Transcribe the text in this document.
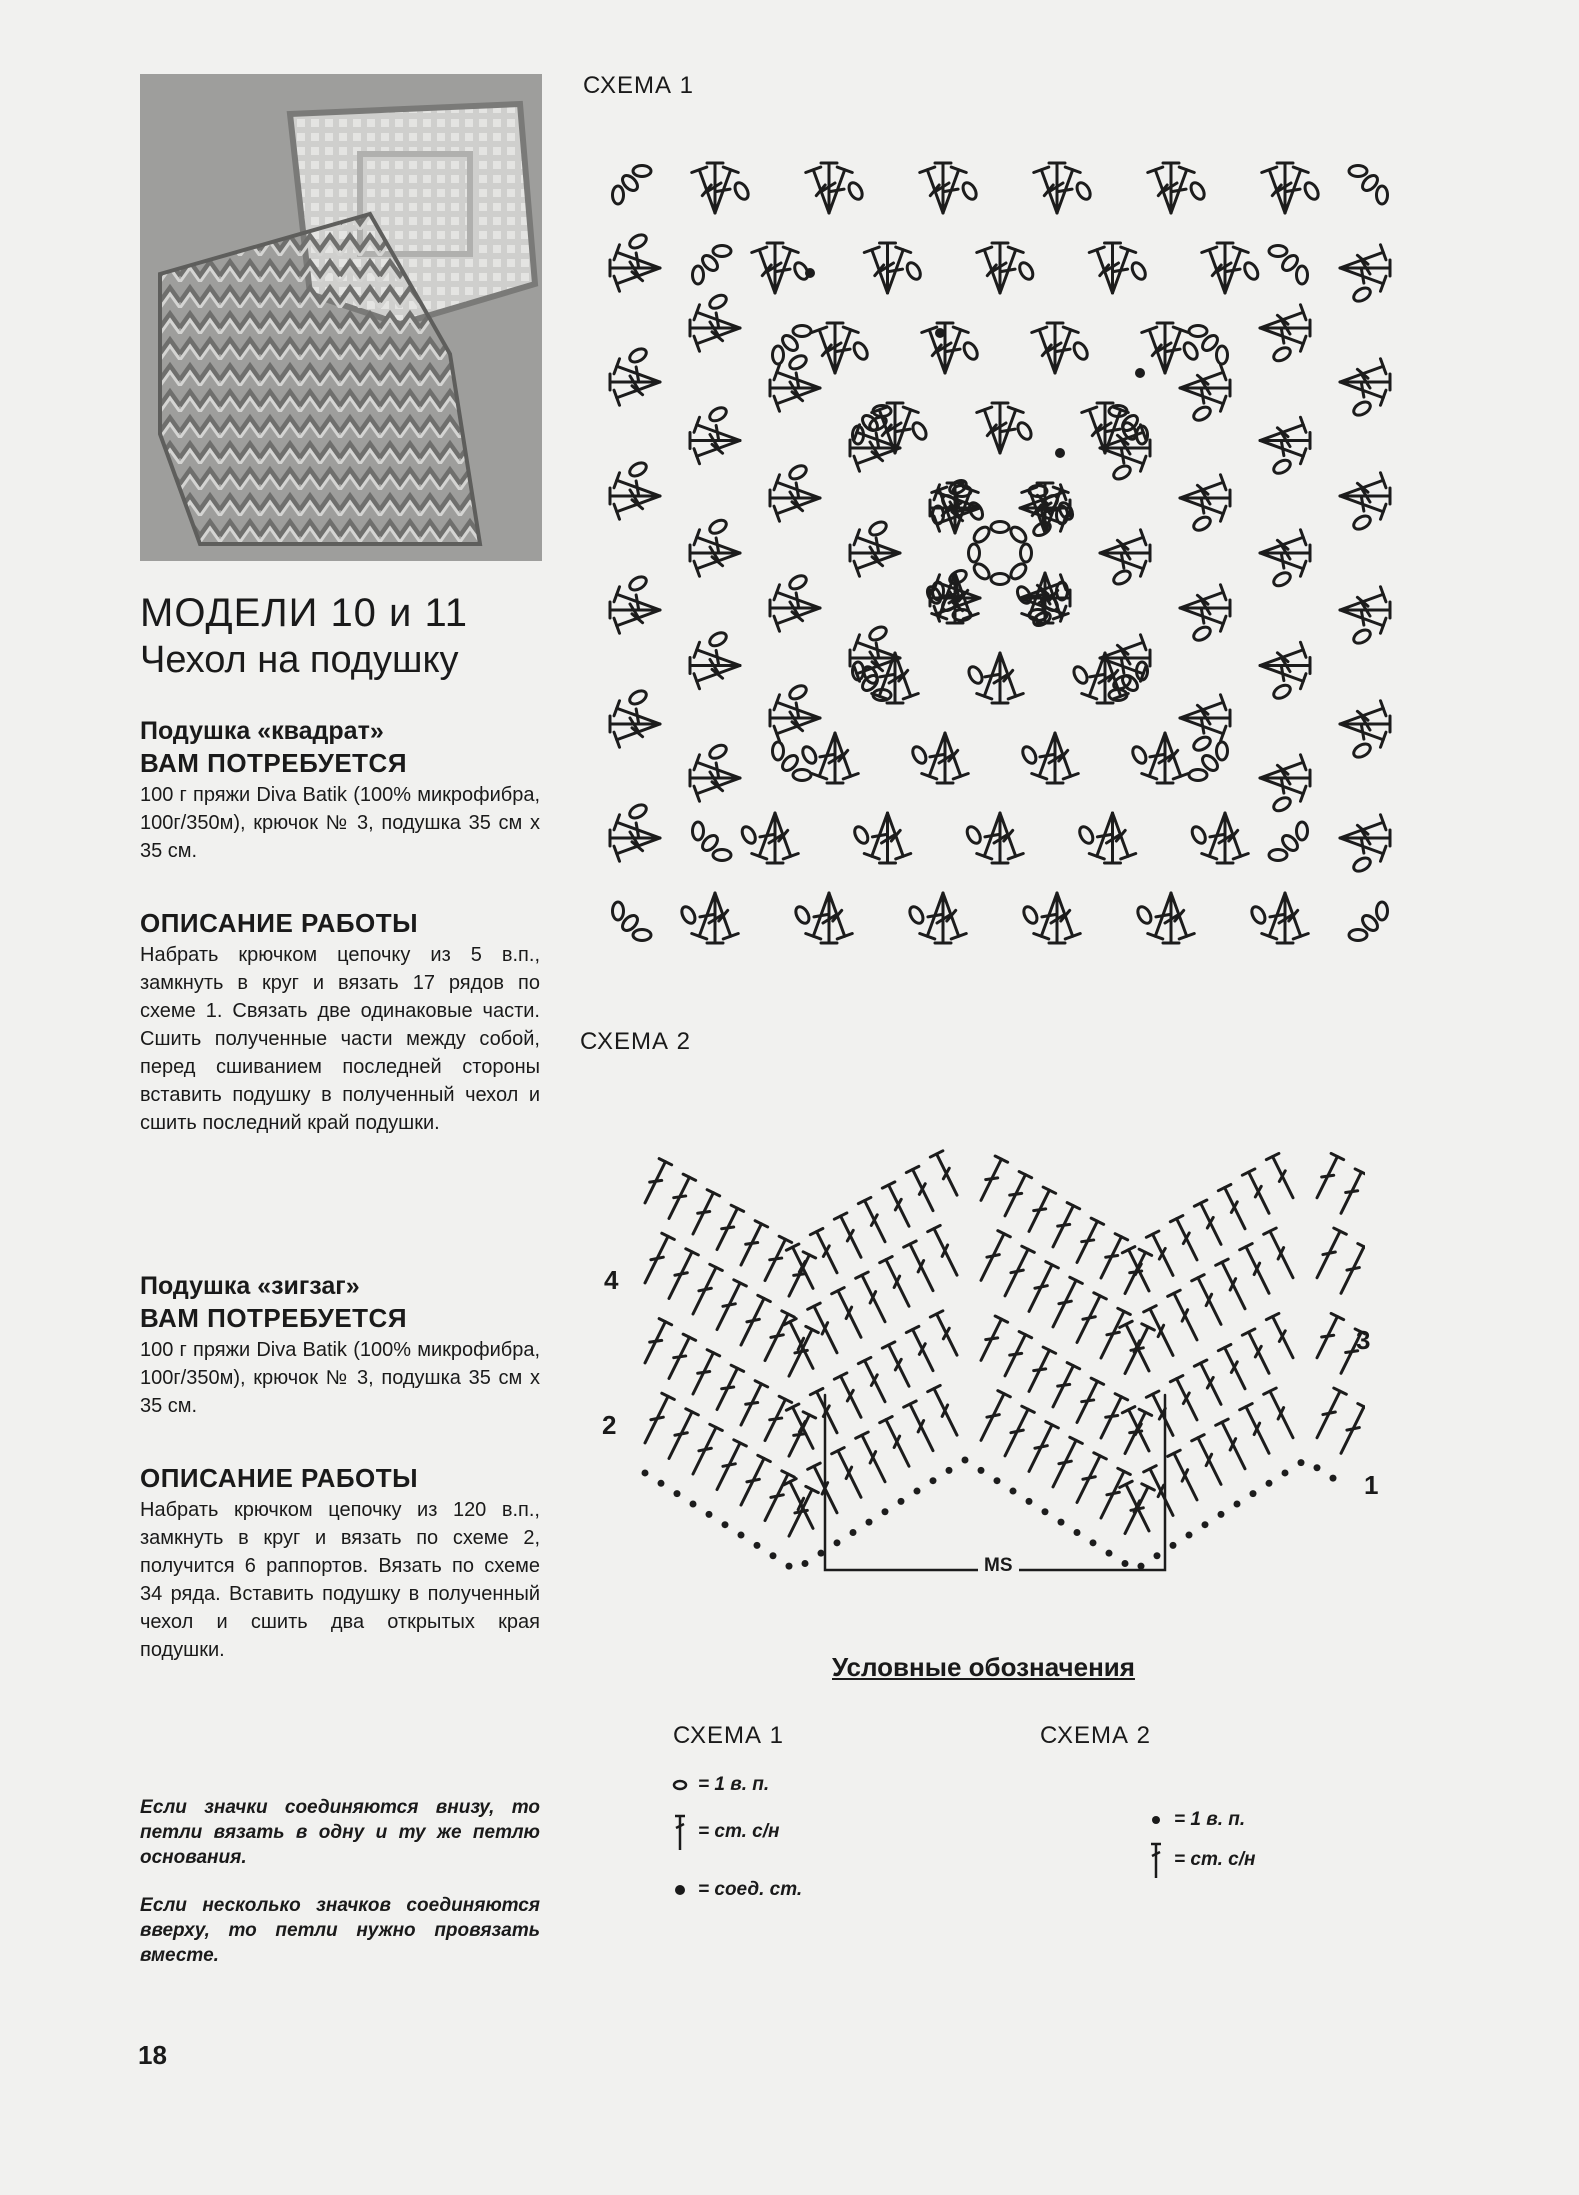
МОДЕЛИ 10 и 11
Чехол на подушку
Подушка «квадрат»
ВАМ ПОТРЕБУЕТСЯ

100 г пряжи Diva Batik (100% микрофибра, 100г/350м), крючок № 3, подушка 35 см x 35 см.

ОПИСАНИЕ РАБОТЫ

Набрать крючком цепочку из 5 в.п., замкнуть в круг и вязать 17 рядов по схеме 1. Связать две одинаковые части. Сшить полученные части между собой, перед сшиванием последней стороны вставить подушку в полученный чехол и сшить последний край подушки.

Подушка «зигзаг»
ВАМ ПОТРЕБУЕТСЯ

100 г пряжи Diva Batik (100% микрофибра, 100г/350м), крючок № 3, подушка 35 см x 35 см.

ОПИСАНИЕ РАБОТЫ

Набрать крючком цепочку из 120 в.п., замкнуть в круг и вязать по схеме 2, получится 6 раппортов. Вязать по схеме 34 ряда. Вставить подушку в полученный чехол и сшить два открытых края подушки.

Если значки соединяются внизу, то петли вязать в одну и ту же петлю основания.

Если несколько значков соединяются вверху, то петли нужно провязать вместе.

18
СХЕМА 1
СХЕМА 2
4
3
2
1
MS
Условные обозначения
СХЕМА 1	СХЕМА 2
= 1 в. п.
= ст. с/н
= соед. ст.
= 1 в. п.
= ст. с/н
